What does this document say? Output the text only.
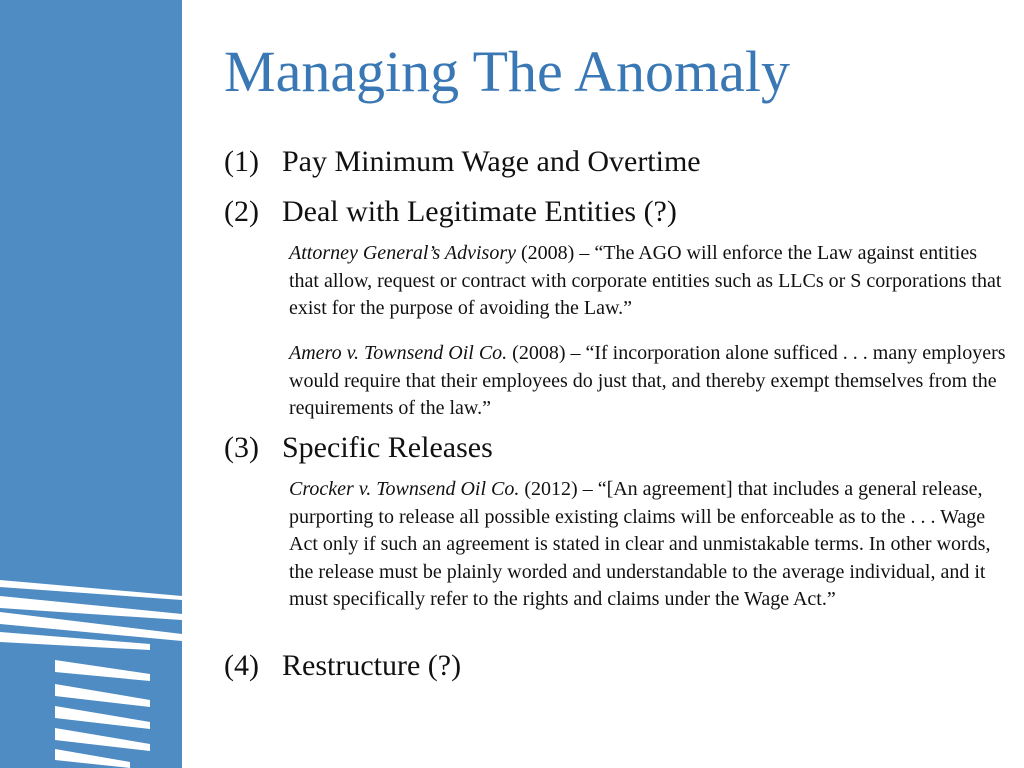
Managing The Anomaly
(1) Pay Minimum Wage and Overtime
(2) Deal with Legitimate Entities (?)

Attorney General’s Advisory (2008) – “The AGO will enforce the Law against entities that allow, request or contract with corporate entities such as LLCs or S corporations that exist for the purpose of avoiding the Law.”

Amero v. Townsend Oil Co. (2008) – “If incorporation alone sufficed . . . many employers would require that their employees do just that, and thereby exempt themselves from the requirements of the law.”

(3) Specific Releases

Crocker v. Townsend Oil Co. (2012) – “[An agreement] that includes a general release, purporting to release all possible existing claims will be enforceable as to the . . . Wage Act only if such an agreement is stated in clear and unmistakable terms. In other words, the release must be plainly worded and understandable to the average individual, and it must specifically refer to the rights and claims under the Wage Act.”

(4) Restructure (?)
